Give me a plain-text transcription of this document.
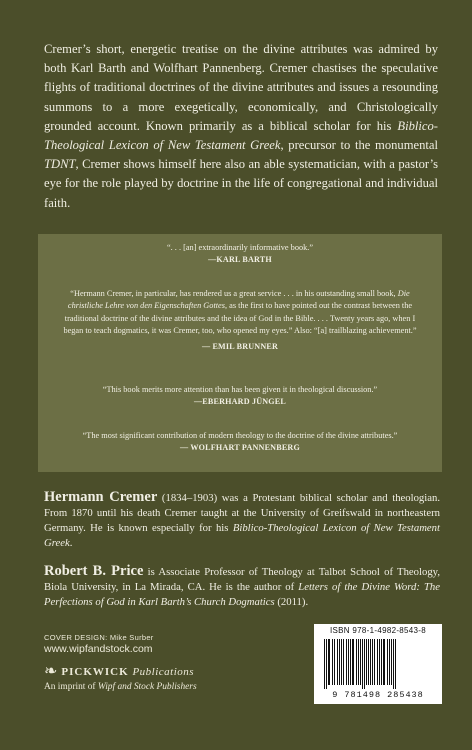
Cremer’s short, energetic treatise on the divine attributes was admired by both Karl Barth and Wolfhart Pannenberg. Cremer chastises the speculative flights of traditional doctrines of the divine attributes and issues a resounding summons to a more exegetically, economically, and Christologically grounded account. Known primarily as a biblical scholar for his Biblico-Theological Lexicon of New Testament Greek, precursor to the monumental TDNT, Cremer shows himself here also an able systematician, with a pastor’s eye for the role played by doctrine in the life of congregational and individual faith.

“. . . [an] extraordinarily informative book.”
—KARL BARTH
“Hermann Cremer, in particular, has rendered us a great service . . . in his outstanding small book, Die christliche Lehre von den Eigenschaften Gottes, as the first to have pointed out the contrast between the traditional doctrine of the divine attributes and the idea of God in the Bible. . . . Twenty years ago, when I began to teach dogmatics, it was Cremer, too, who opened my eyes.” Also: “[a] trailblazing achievement.”
— EMIL BRUNNER
“This book merits more attention than has been given it in theological discussion.”
—EBERHARD JÜNGEL
“The most significant contribution of modern theology to the doctrine of the divine attributes.”
— WOLFHART PANNENBERG

Hermann Cremer (1834–1903) was a Protestant biblical scholar and theologian. From 1870 until his death Cremer taught at the University of Greifswald in northeastern Germany. He is known especially for his Biblico-Theological Lexicon of New Testament Greek.

Robert B. Price is Associate Professor of Theology at Talbot School of Theology, Biola University, in La Mirada, CA. He is the author of Letters of the Divine Word: The Perfections of God in Karl Barth’s Church Dogmatics (2011).

COVER DESIGN: Mike Surber
www.wipfandstock.com
❧ PICKWICK Publications
An imprint of Wipf and Stock Publishers
ISBN 978-1-4982-8543-8
9 781498 285438
